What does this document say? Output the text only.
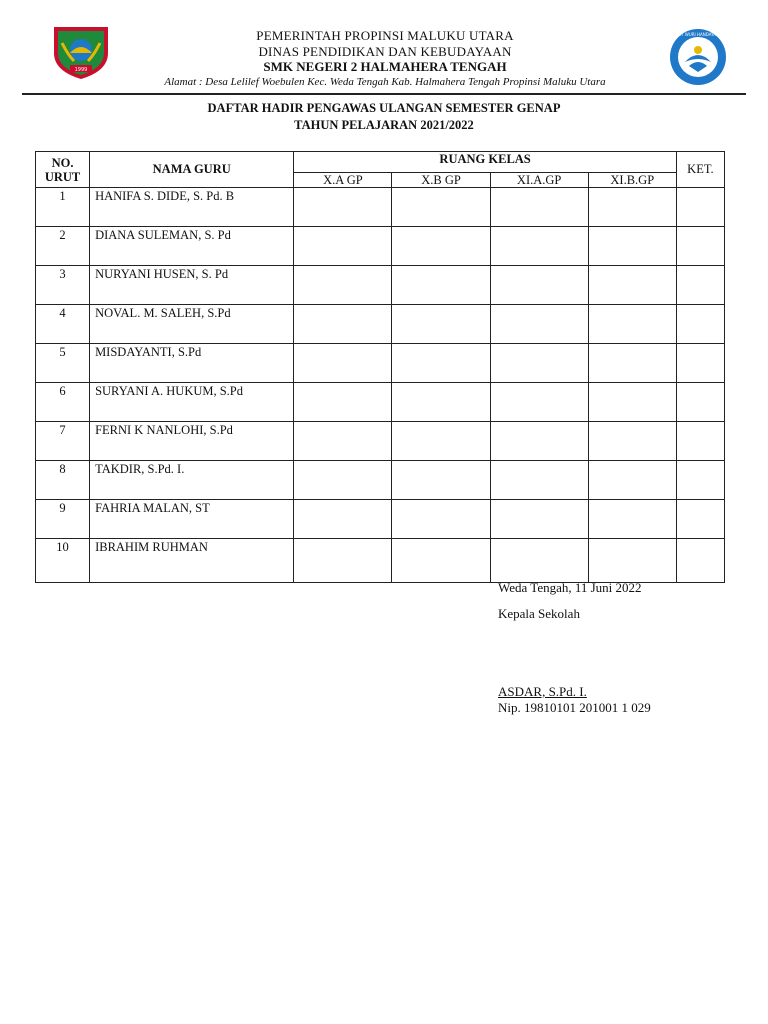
1999
PEMERINTAH PROPINSI MALUKU UTARA
DINAS PENDIDIKAN DAN KEBUDAYAAN
SMK NEGERI 2 HALMAHERA TENGAH
Alamat : Desa Lelilef Woebulen Kec. Weda Tengah Kab. Halmahera Tengah Propinsi Maluku Utara
TUT WURI HANDAYANI
DAFTAR HADIR PENGAWAS ULANGAN SEMESTER GENAP
TAHUN PELAJARAN 2021/2022
NO. URUT	NAMA GURU	RUANG KELAS				KET.
		X.A GP	X.B GP	XI.A.GP	XI.B.GP	
1	HANIFA S. DIDE, S. Pd. B					
2	DIANA SULEMAN, S. Pd					
3	NURYANI HUSEN, S. Pd					
4	NOVAL. M. SALEH, S.Pd					
5	MISDAYANTI, S.Pd					
6	SURYANI A. HUKUM, S.Pd					
7	FERNI K NANLOHI, S.Pd					
8	TAKDIR, S.Pd. I.					
9	FAHRIA MALAN, ST					
10	IBRAHIM RUHMAN					
Weda Tengah, 11 Juni 2022
Kepala Sekolah
ASDAR, S.Pd. I.
Nip. 19810101 201001 1 029
